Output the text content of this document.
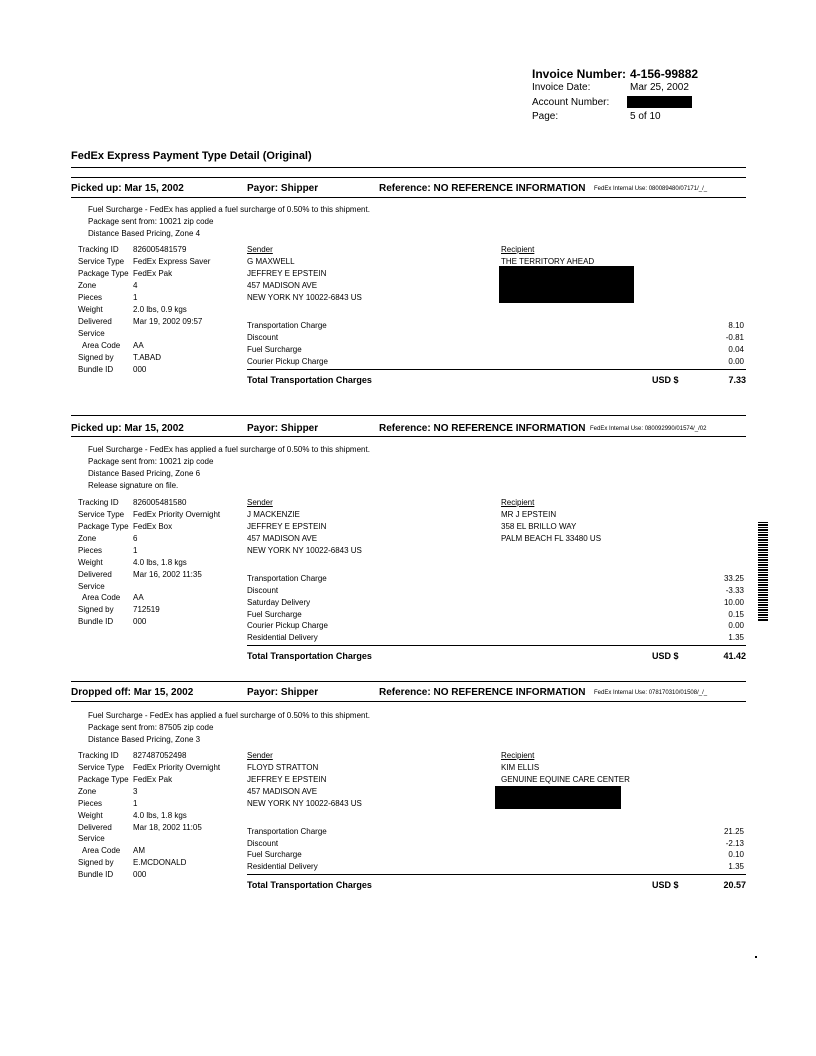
Invoice Number: 4-156-99882
Invoice Date:	Mar 25, 2002
Account Number:
Page:	5 of 10
FedEx Express Payment Type Detail (Original)
Picked up: Mar 15, 2002	Payor: Shipper	Reference: NO REFERENCE INFORMATION FedEx Internal Use: 080089480/07171/_/_
Fuel Surcharge - FedEx has applied a fuel surcharge of 0.50% to this shipment.
Package sent from: 10021 zip code
Distance Based Pricing, Zone 4
Tracking ID 826005481579
Service Type FedEx Express Saver
Package Type FedEx Pak
Zone	4
Pieces	1
Weight	2.0 lbs, 0.9 kgs
Delivered	Mar 19, 2002 09:57
Service
Area Code AA
Signed by T.ABAD
Bundle ID 000
Sender
G MAXWELL
JEFFREY E EPSTEIN
457 MADISON AVE
NEW YORK NY 10022-6843 US
Recipient
THE TERRITORY AHEAD
Transportation Charge	8.10
Discount	-0.81
Fuel Surcharge	0.04
Courier Pickup Charge	0.00
Total Transportation Charges	USD $	7.33
Picked up: Mar 15, 2002	Payor: Shipper	Reference: NO REFERENCE INFORMATION FedEx Internal Use: 080092990/01574/_/02
Fuel Surcharge - FedEx has applied a fuel surcharge of 0.50% to this shipment.
Package sent from: 10021 zip code
Distance Based Pricing, Zone 6
Release signature on file.
Tracking ID 826005481580
Service Type FedEx Priority Overnight
Package Type FedEx Box
Zone	6
Pieces	1
Weight	4.0 lbs, 1.8 kgs
Delivered	Mar 16, 2002 11:35
Service
Area Code AA
Signed by 712519
Bundle ID 000
Sender
J MACKENZIE
JEFFREY E EPSTEIN
457 MADISON AVE
NEW YORK NY 10022-6843 US
Recipient
MR J EPSTEIN
358 EL BRILLO WAY
PALM BEACH FL 33480 US
Transportation Charge	33.25
Discount	-3.33
Saturday Delivery	10.00
Fuel Surcharge	0.15
Courier Pickup Charge	0.00
Residential Delivery	1.35
Total Transportation Charges	USD $	41.42
Dropped off: Mar 15, 2002	Payor: Shipper	Reference: NO REFERENCE INFORMATION FedEx Internal Use: 078170310/01508/_/_
Fuel Surcharge - FedEx has applied a fuel surcharge of 0.50% to this shipment.
Package sent from: 87505 zip code
Distance Based Pricing, Zone 3
Tracking ID 827487052498
Service Type FedEx Priority Overnight
Package Type FedEx Pak
Zone	3
Pieces	1
Weight	4.0 lbs, 1.8 kgs
Delivered	Mar 18, 2002 11:05
Service
Area Code AM
Signed by E.MCDONALD
Bundle ID 000
Sender
FLOYD STRATTON
JEFFREY E EPSTEIN
457 MADISON AVE
NEW YORK NY 10022-6843 US
Recipient
KIM ELLIS
GENUINE EQUINE CARE CENTER
Transportation Charge	21.25
Discount	-2.13
Fuel Surcharge	0.10
Residential Delivery	1.35
Total Transportation Charges	USD $	20.57
